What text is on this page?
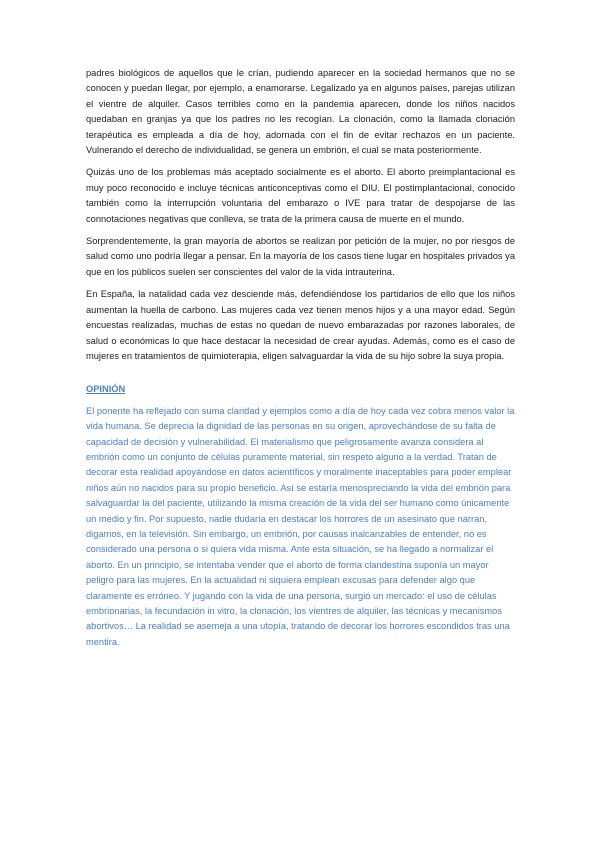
padres biológicos de aquellos que le crían, pudiendo aparecer en la sociedad hermanos que no se conocen y puedan llegar, por ejemplo, a enamorarse. Legalizado ya en algunos países, parejas utilizan el vientre de alquiler. Casos terribles como en la pandemia aparecen, donde los niños nacidos quedaban en granjas ya que los padres no les recogían. La clonación, como la llamada clonación terapéutica es empleada a día de hoy, adornada con el fin de evitar rechazos en un paciente. Vulnerando el derecho de individualidad, se genera un embrión, el cual se mata posteriormente.

Quizás uno de los problemas más aceptado socialmente es el aborto. El aborto preimplantacional es muy poco reconocido e incluye técnicas anticonceptivas como el DIU. El postimplantacional, conocido también como la interrupción voluntaria del embarazo o IVE para tratar de despojarse de las connotaciones negativas que conlleva, se trata de la primera causa de muerte en el mundo.

Sorprendentemente, la gran mayoría de abortos se realizan por petición de la mujer, no por riesgos de salud como uno podría llegar a pensar. En la mayoría de los casos tiene lugar en hospitales privados ya que en los públicos suelen ser conscientes del valor de la vida intrauterina.

En España, la natalidad cada vez desciende más, defendiéndose los partidarios de ello que los niños aumentan la huella de carbono. Las mujeres cada vez tienen menos hijos y a una mayor edad. Según encuestas realizadas, muchas de estas no quedan de nuevo embarazadas por razones laborales, de salud o económicas lo que hace destacar la necesidad de crear ayudas. Además, como es el caso de mujeres en tratamientos de quimioterapia, eligen salvaguardar la vida de su hijo sobre la suya propia.

OPINIÓN

El ponente ha reflejado con suma claridad y ejemplos como a día de hoy cada vez cobra menos valor la vida humana. Se deprecia la dignidad de las personas en su origen, aprovechándose de su falta de capacidad de decisión y vulnerabilidad. El materialismo que peligrosamente avanza considera al embrión como un conjunto de células puramente material, sin respeto alguno a la verdad. Tratan de decorar esta realidad apoyándose en datos acientíficos y moralmente inaceptables para poder emplear niños aún no nacidos para su propio beneficio. Así se estaría menospreciando la vida del embrión para salvaguardar la del paciente, utilizando la misma creación de la vida del ser humano como únicamente un medio y fin. Por supuesto, nadie dudaría en destacar los horrores de un asesinato que narran, digamos, en la televisión. Sin embargo, un embrión, por causas inalcanzables de entender, no es considerado una persona o si quiera vida misma. Ante esta situación, se ha llegado a normalizar el aborto. En un principio, se intentaba vender que el aborto de forma clandestina suponía un mayor peligro para las mujeres. En la actualidad ni siquiera emplean excusas para defender algo que claramente es erróneo. Y jugando con la vida de una persona, surgió un mercado: el uso de células embrionarias, la fecundación in vitro, la clonación, los vientres de alquiler, las técnicas y mecanismos abortivos… La realidad se asemeja a una utopía, tratando de decorar los horrores escondidos tras una mentira.
